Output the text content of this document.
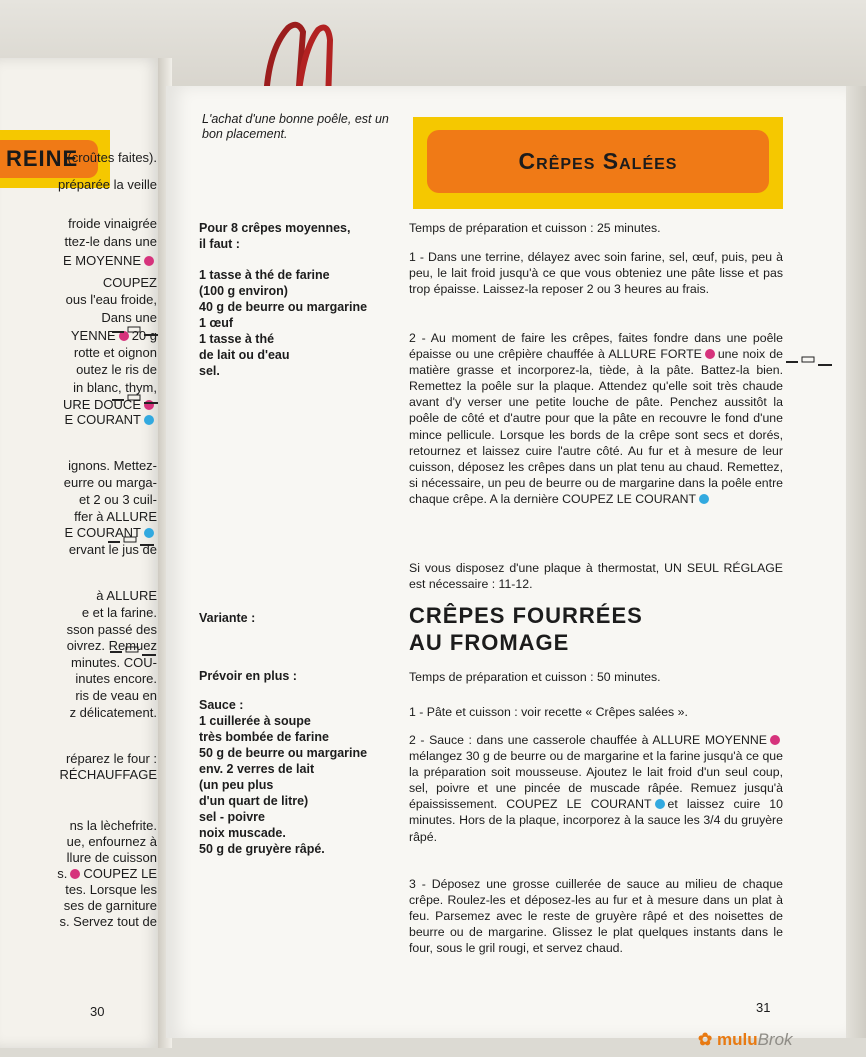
REINE
(croûtes faites).
préparée la veille
froide vinaigrée
ttez-le dans une
E MOYENNE
ous l'eau froide,
COUPEZ
Dans une
YENNE 20 g
rotte et oignon
outez le ris de
in blanc, thym,
URE DOUCE
E COURANT
ignons. Mettez-
eurre ou marga-
et 2 ou 3 cuil-
ffer à ALLURE
E COURANT
ervant le jus de
à ALLURE
e et la farine.
sson passé des
oivrez. Remuez
minutes. COU-
inutes encore.
ris de veau en
z délicatement.
réparez le four :
RÉCHAUFFAGE
ns la lèchefrite.
ue, enfournez à
llure de cuisson
s. COUPEZ LE
tes. Lorsque les
ses de garniture
s. Servez tout de
30
L'achat d'une bonne poêle, est un bon placement.
Crêpes Salées
Pour 8 crêpes moyennes,
il faut :
1 tasse à thé de farine
(100 g environ)
40 g de beurre ou margarine
1 œuf
1 tasse à thé
de lait ou d'eau
sel.
Temps de préparation et cuisson : 25 minutes.
1 - Dans une terrine, délayez avec soin farine, sel, œuf, puis, peu à peu, le lait froid jusqu'à ce que vous obteniez une pâte lisse et pas trop épaisse. Laissez-la reposer 2 ou 3 heures au frais.
2 - Au moment de faire les crêpes, faites fondre dans une poêle épaisse ou une crêpière chauffée à ALLURE FORTE une noix de matière grasse et incorporez-la, tiède, à la pâte. Battez-la bien. Remettez la poêle sur la plaque. Attendez qu'elle soit très chaude avant d'y verser une petite louche de pâte. Penchez aussitôt la poêle de côté et d'autre pour que la pâte en recouvre le fond d'une mince pellicule. Lorsque les bords de la crêpe sont secs et dorés, retournez et laissez cuire l'autre côté. Au fur et à mesure de leur cuisson, déposez les crêpes dans un plat tenu au chaud. Remettez, si nécessaire, un peu de beurre ou de margarine dans la poêle entre chaque crêpe. A la dernière COUPEZ LE COURANT
Si vous disposez d'une plaque à thermostat, UN SEUL RÉGLAGE est nécessaire : 11-12.
Variante :	CRÊPES FOURRÉES
AU FROMAGE
Prévoir en plus :
Sauce :
1 cuillerée à soupe
très bombée de farine
50 g de beurre ou margarine
env. 2 verres de lait
(un peu plus
d'un quart de litre)
sel - poivre
noix muscade.
50 g de gruyère râpé.
Temps de préparation et cuisson : 50 minutes.
1 - Pâte et cuisson : voir recette « Crêpes salées ».
2 - Sauce : dans une casserole chauffée à ALLURE MOYENNEmélangez 30 g de beurre ou de margarine et la farine jusqu'à ce que la préparation soit mousseuse. Ajoutez le lait froid d'un seul coup, sel, poivre et une pincée de muscade râpée. Remuez jusqu'à épaississement. COUPEZ LE COURANT et laissez cuire 10 minutes. Hors de la plaque, incorporez à la sauce les 3/4 du gruyère râpé.
3 - Déposez une grosse cuillerée de sauce au milieu de chaque crêpe. Roulez-les et déposez-les au fur et à mesure dans un plat à feu. Parsemez avec le reste de gruyère râpé et des noisettes de beurre ou de margarine. Glissez le plat quelques instants dans le four, sous le gril rougi, et servez chaud.
31
✿ muluBrok
